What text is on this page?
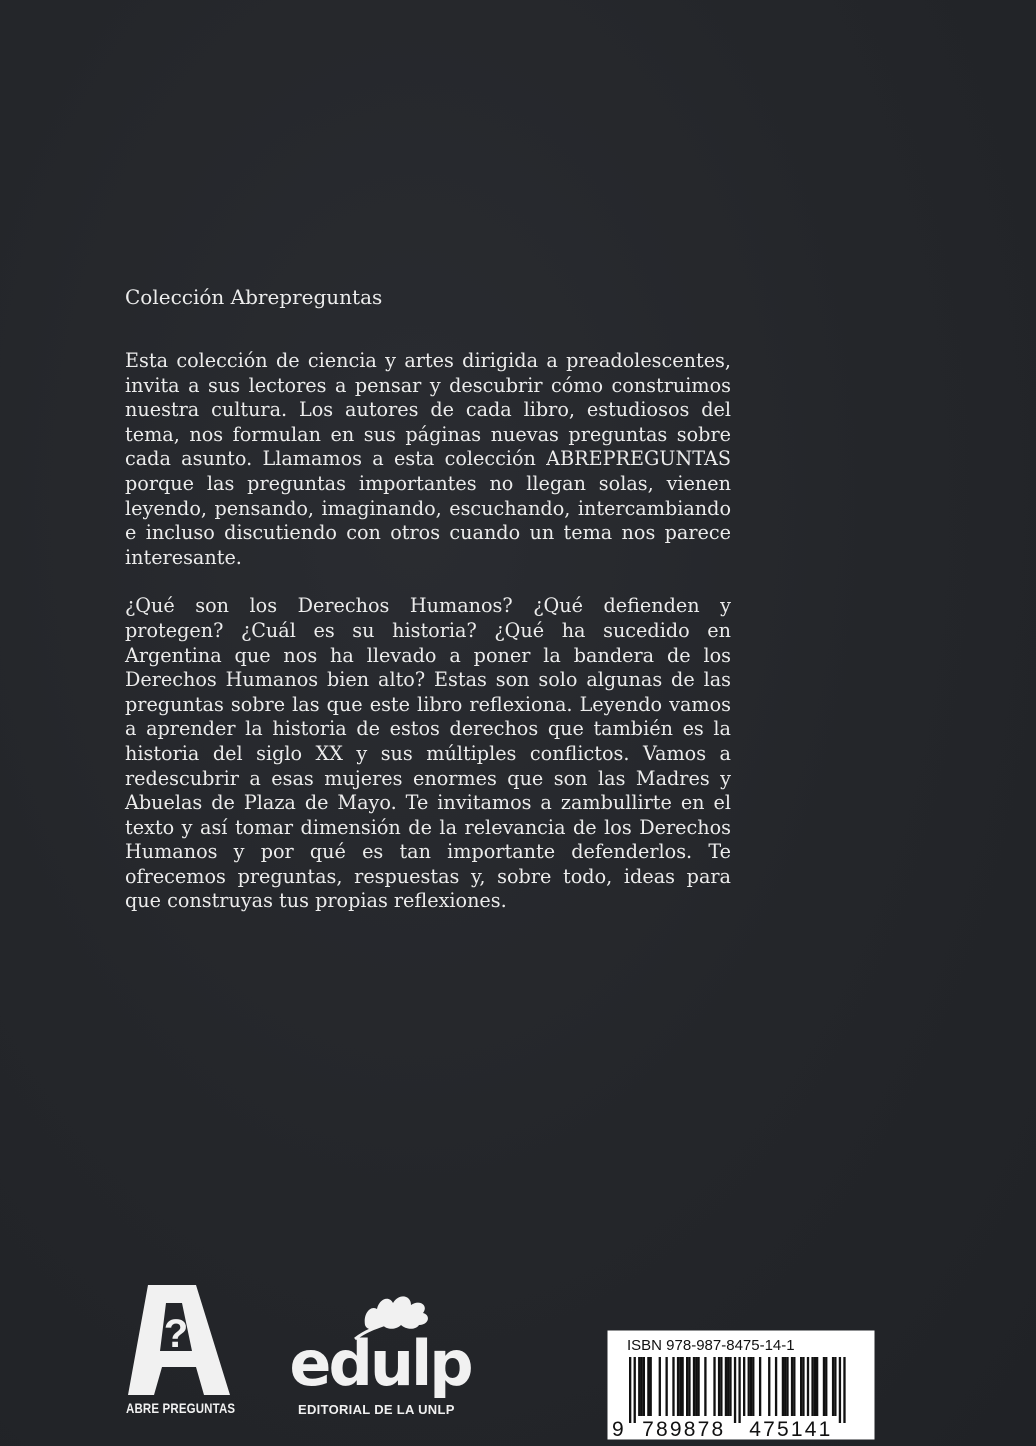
Colección Abrepreguntas

Esta colección de ciencia y artes dirigida a preadolescentes, invita a sus lectores a pensar y descubrir cómo construimos nuestra cultura. Los autores de cada libro, estudiosos del tema, nos formulan en sus páginas nuevas preguntas sobre cada asunto. Llamamos a esta colección ABREPREGUNTAS porque las preguntas importantes no llegan solas, vienen leyendo, pensando, imaginando, escuchando, intercambiando e incluso discutiendo con otros cuando un tema nos parece interesante.

¿Qué son los Derechos Humanos? ¿Qué defienden y protegen? ¿Cuál es su historia? ¿Qué ha sucedido en Argentina que nos ha llevado a poner la bandera de los Derechos Humanos bien alto? Estas son solo algunas de las preguntas sobre las que este libro reflexiona. Leyendo vamos a aprender la historia de estos derechos que también es la historia del siglo XX y sus múltiples conflictos. Vamos a redescubrir a esas mujeres enormes que son las Madres y Abuelas de Plaza de Mayo. Te invitamos a zambullirte en el texto y así tomar dimensión de la relevancia de los Derechos Humanos y por qué es tan importante defenderlos. Te ofrecemos preguntas, respuestas y, sobre todo, ideas para que construyas tus propias reflexiones.

?
ABRE PREGUNTAS
edulp
EDITORIAL DE LA UNLP
ISBN 978-987-8475-14-1
9 789878 475141
